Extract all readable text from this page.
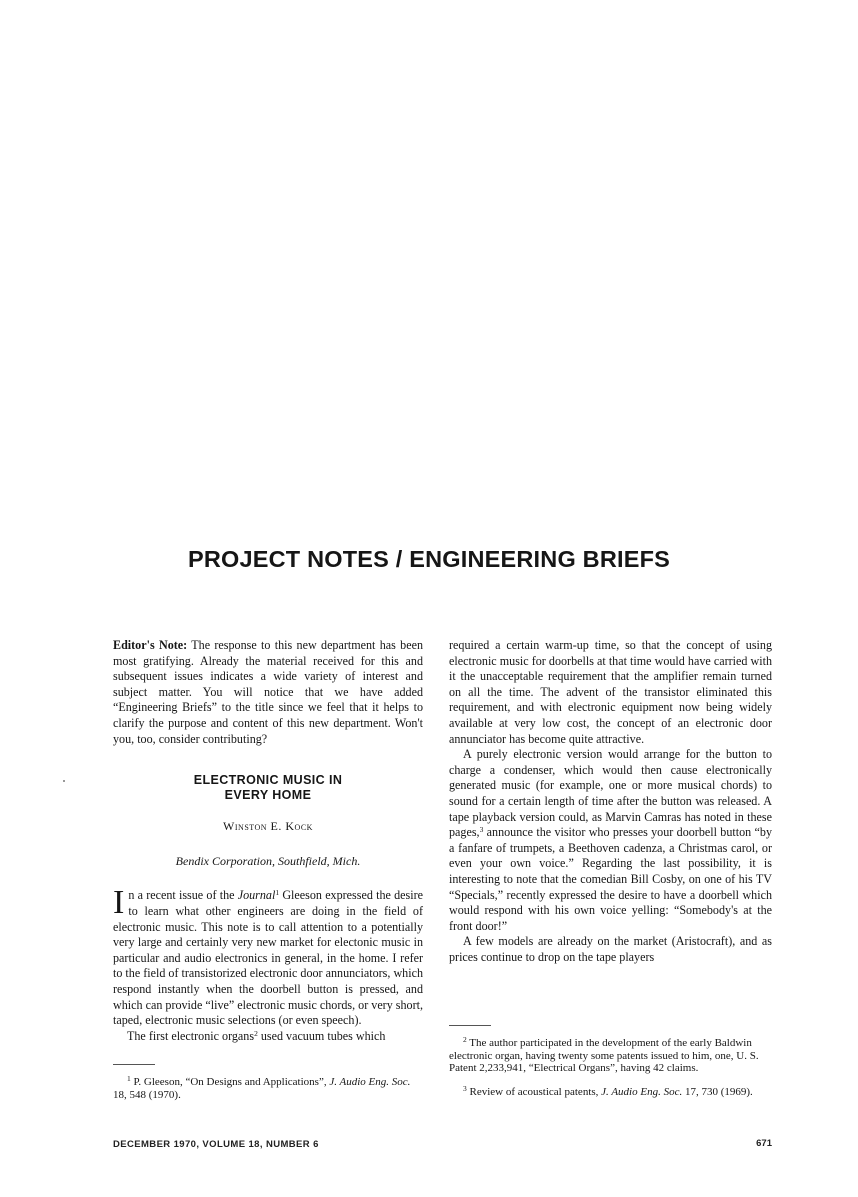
PROJECT NOTES / ENGINEERING BRIEFS

Editor's Note: The response to this new department has been most gratifying. Already the material received for this and subsequent issues indicates a wide variety of interest and subject matter. You will notice that we have added “Engineering Briefs” to the title since we feel that it helps to clarify the purpose and content of this new department. Won't you, too, consider contributing?

ELECTRONIC MUSIC IN
EVERY HOME
Winston E. Kock
Bendix Corporation, Southfield, Mich.

In a recent issue of the Journal$^1$ Gleeson expressed the desire to learn what other engineers are doing in the field of electronic music. This note is to call attention to a potentially very large and certainly very new market for electonic music in particular and audio electronics in general, in the home. I refer to the field of transistorized electronic door annunciators, which respond instantly when the doorbell button is pressed, and which can provide “live” electronic music chords, or very short, taped, electronic music selections (or even speech).

The first electronic organs$^2$ used vacuum tubes which

$^1$ P. Gleeson, “On Designs and Applications”, J. Audio Eng. Soc. 18, 548 (1970).

required a certain warm-up time, so that the concept of using electronic music for doorbells at that time would have carried with it the unacceptable requirement that the amplifier remain turned on all the time. The advent of the transistor eliminated this requirement, and with electronic equipment now being widely available at very low cost, the concept of an electronic door annunciator has become quite attractive.

A purely electronic version would arrange for the button to charge a condenser, which would then cause electronically generated music (for example, one or more musical chords) to sound for a certain length of time after the button was released. A tape playback version could, as Marvin Camras has noted in these pages,$^3$ announce the visitor who presses your doorbell button “by a fanfare of trumpets, a Beethoven cadenza, a Christmas carol, or even your own voice.” Regarding the last possibility, it is interesting to note that the comedian Bill Cosby, on one of his TV “Specials,” recently expressed the desire to have a doorbell which would respond with his own voice yelling: “Somebody's at the front door!”

A few models are already on the market (Aristocraft), and as prices continue to drop on the tape players

$^2$ The author participated in the development of the early Baldwin electronic organ, having twenty some patents issued to him, one, U. S. Patent 2,233,941, “Electrical Organs”, having 42 claims.

$^3$ Review of acoustical patents, J. Audio Eng. Soc. 17, 730 (1969).

DECEMBER 1970, VOLUME 18, NUMBER 6	671
